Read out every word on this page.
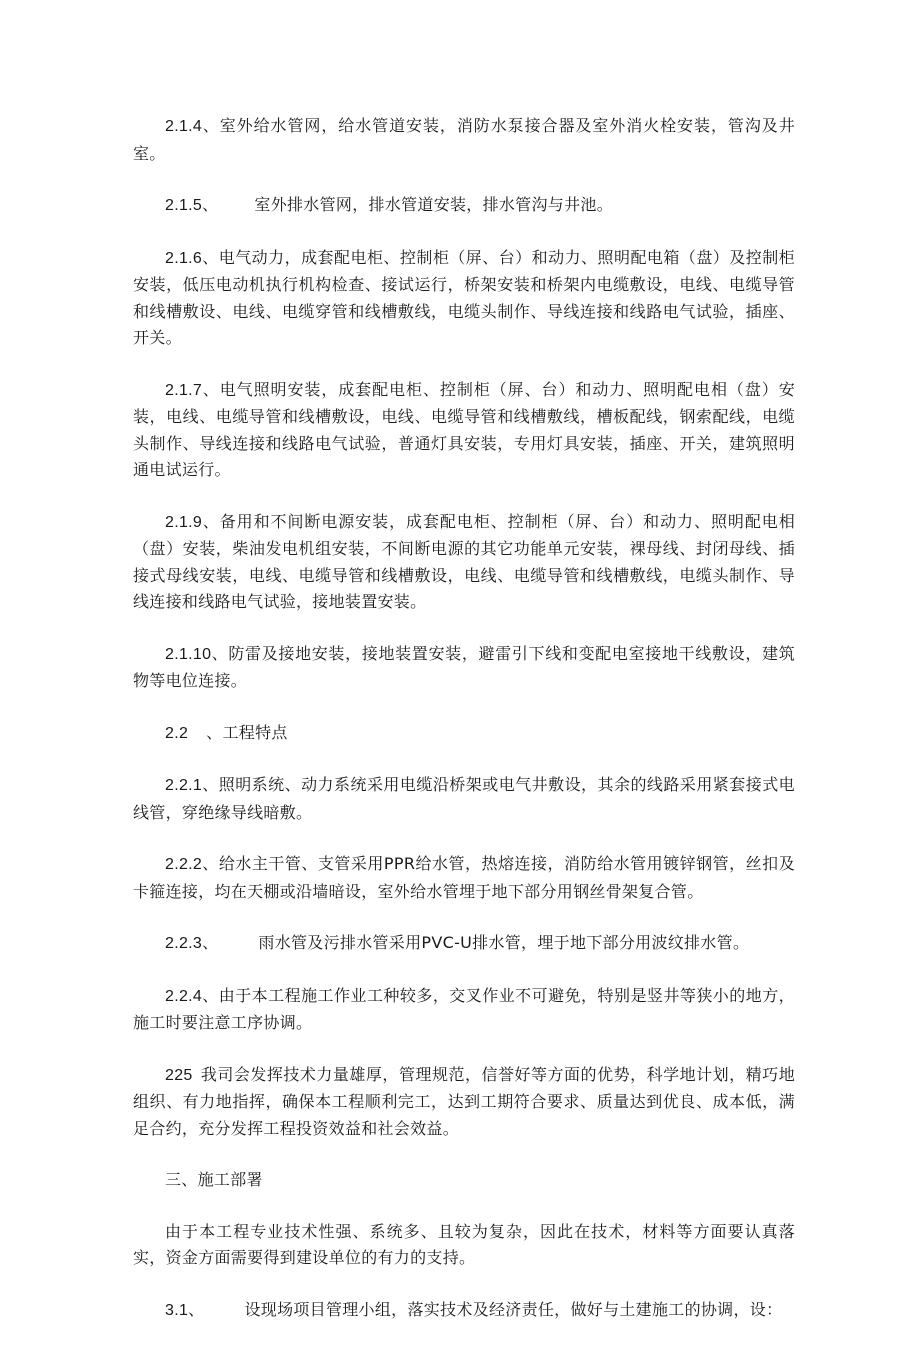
2.1.4、室外给水管网，给水管道安装，消防水泵接合器及室外消火栓安装，管沟及井室。

2.1.5、 室外排水管网，排水管道安装，排水管沟与井池。

2.1.6、电气动力，成套配电柜、控制柜（屏、台）和动力、照明配电箱（盘）及控制柜安装，低压电动机执行机构检查、接试运行，桥架安装和桥架内电缆敷设，电线、电缆导管和线槽敷设、电线、电缆穿管和线槽敷线，电缆头制作、导线连接和线路电气试验，插座、开关。

2.1.7、电气照明安装，成套配电柜、控制柜（屏、台）和动力、照明配电相（盘）安装，电线、电缆导管和线槽敷设，电线、电缆导管和线槽敷线，槽板配线，钢索配线，电缆头制作、导线连接和线路电气试验，普通灯具安装，专用灯具安装，插座、开关，建筑照明通电试运行。

2.1.9、备用和不间断电源安装，成套配电柜、控制柜（屏、台）和动力、照明配电相（盘）安装，柴油发电机组安装，不间断电源的其它功能单元安装，裸母线、封闭母线、插接式母线安装，电线、电缆导管和线槽敷设，电线、电缆导管和线槽敷线，电缆头制作、导线连接和线路电气试验，接地装置安装。

2.1.10、防雷及接地安装，接地装置安装，避雷引下线和变配电室接地干线敷设，建筑物等电位连接。

2.2 、工程特点

2.2.1、照明系统、动力系统采用电缆沿桥架或电气井敷设，其余的线路采用紧套接式电线管，穿绝缘导线暗敷。

2.2.2、给水主干管、支管采用PPR给水管，热熔连接，消防给水管用镀锌钢管，丝扣及卡箍连接，均在天棚或沿墙暗设，室外给水管埋于地下部分用钢丝骨架复合管。

2.2.3、	雨水管及污排水管采用PVC-U排水管，埋于地下部分用波纹排水管。

2.2.4、由于本工程施工作业工种较多，交叉作业不可避免，特别是竖井等狭小的地方，施工时要注意工序协调。

225 我司会发挥技术力量雄厚，管理规范，信誉好等方面的优势，科学地计划，精巧地组织、有力地指挥，确保本工程顺利完工，达到工期符合要求、质量达到优良、成本低，满足合约，充分发挥工程投资效益和社会效益。

三、施工部署

由于本工程专业技术性强、系统多、且较为复杂，因此在技术，材料等方面要认真落实，资金方面需要得到建设单位的有力的支持。

3.1、	设现场项目管理小组，落实技术及经济责任，做好与土建施工的协调，设：
